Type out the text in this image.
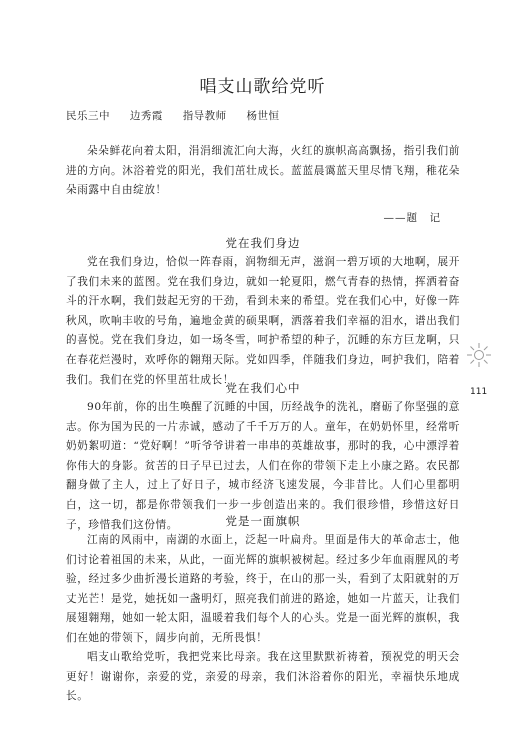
唱支山歌给党听
民乐三中 边秀霞 指导教师 杨世恒

朵朵鲜花向着太阳，涓涓细流汇向大海，火红的旗帜高高飘扬，指引我们前进的方向。沐浴着党的阳光，我们茁壮成长。蓝蓝晨霭蓝天里尽情飞翔，稚花朵朵雨露中自由绽放！

——题　记
党在我们身边

党在我们身边，恰似一阵春雨，润物细无声，滋润一碧万顷的大地啊，展开了我们未来的蓝图。党在我们身边，就如一轮夏阳，燃气青春的热情，挥洒着奋斗的汗水啊，我们鼓起无穷的干劲，看到未来的希望。党在我们心中，好像一阵秋风，吹响丰收的号角，遍地金黄的硕果啊，洒落着我们幸福的泪水，谱出我们的喜悦。党在我们身边，如一场冬雪，呵护希望的种子，沉睡的东方巨龙啊，只在春花烂漫时，欢呼你的翱翔天际。党如四季，伴随我们身边，呵护我们，陪着我们。我们在党的怀里茁壮成长！

党在我们心中

90年前，你的出生唤醒了沉睡的中国，历经战争的洗礼，磨砺了你坚强的意志。你为国为民的一片赤诚，感动了千千万万的人。童年，在奶奶怀里，经常听奶奶絮叨道：“党好啊！”听爷爷讲着一串串的英雄故事，那时的我，心中漂浮着你伟大的身影。贫苦的日子早已过去，人们在你的带领下走上小康之路。农民都翻身做了主人，过上了好日子，城市经济飞速发展，今非昔比。人们心里都明白，这一切，都是你带领我们一步一步创造出来的。我们很珍惜，珍惜这好日子，珍惜我们这份情。	党是一面旗帜

江南的风雨中，南湖的水面上，泛起一叶扁舟。里面是伟大的革命志士，他们讨论着祖国的未来，从此，一面光辉的旗帜被树起。经过多少年血雨腥风的考验，经过多少曲折漫长道路的考验，终于，在山的那一头，看到了太阳就射的万丈光芒！是党，她抚如一盏明灯，照亮我们前进的路途，她如一片蓝天，让我们展翅翱翔，她如一轮太阳，温暖着我们每个人的心头。党是一面光辉的旗帜，我们在她的带领下，阔步向前，无所畏惧！

唱支山歌给党听，我把党来比母亲。我在这里默默祈祷着，预祝党的明天会更好！谢谢你，亲爱的党，亲爱的母亲，我们沐浴着你的阳光，幸福快乐地成长。

111
